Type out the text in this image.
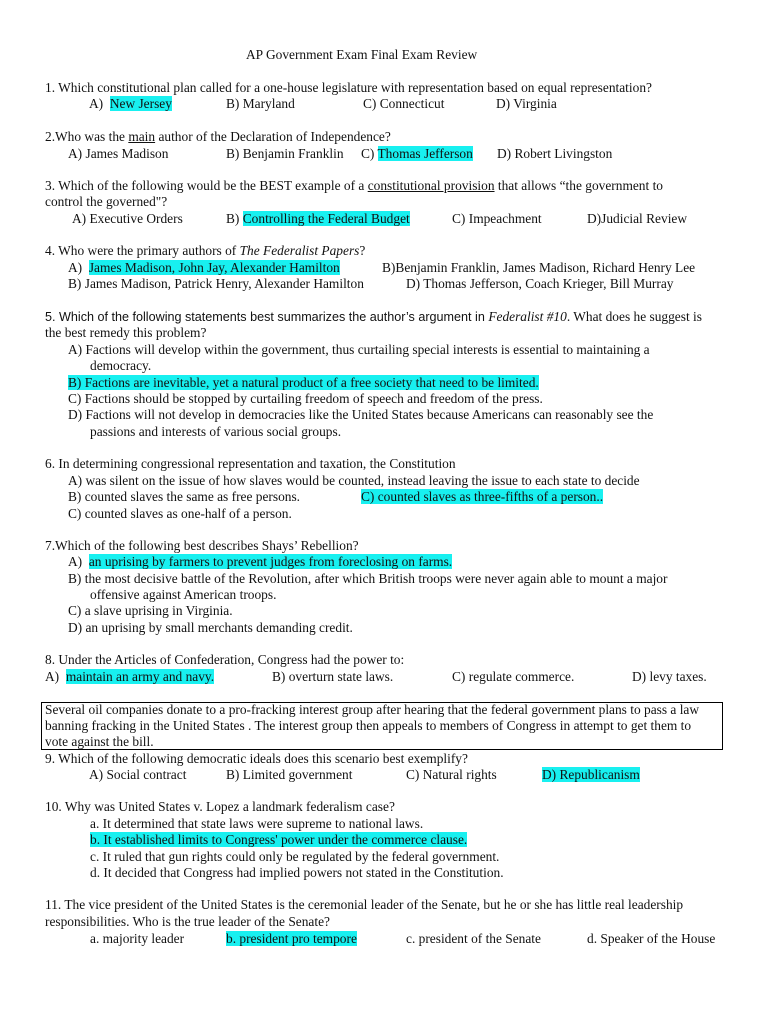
AP Government Exam Final Exam Review
1. Which constitutional plan called for a one-house legislature with representation based on equal representation?
A) New Jersey	B) Maryland	C) Connecticut	D) Virginia
2.Who was the main author of the Declaration of Independence?
A) James Madison	B) Benjamin Franklin C) Thomas Jefferson D) Robert Livingston
3. Which of the following would be the BEST example of a constitutional provision that allows “the government to
control the governed"?
A) Executive Orders	B) Controlling the Federal Budget	C) Impeachment	D)Judicial Review
4. Who were the primary authors of The Federalist Papers?
A) James Madison, John Jay, Alexander Hamilton	B)Benjamin Franklin, James Madison, Richard Henry Lee
B) James Madison, Patrick Henry, Alexander Hamilton	D) Thomas Jefferson, Coach Krieger, Bill Murray
5. Which of the following statements best summarizes the author’s argument in Federalist #10. What does he suggest is
the best remedy this problem?
A) Factions will develop within the government, thus curtailing special interests is essential to maintaining a
democracy.
B) Factions are inevitable, yet a natural product of a free society that need to be limited.
C) Factions should be stopped by curtailing freedom of speech and freedom of the press.
D) Factions will not develop in democracies like the United States because Americans can reasonably see the
passions and interests of various social groups.
6. In determining congressional representation and taxation, the Constitution
A) was silent on the issue of how slaves would be counted, instead leaving the issue to each state to decide
B) counted slaves the same as free persons.	C) counted slaves as three-fifths of a person..
C) counted slaves as one-half of a person.
7.Which of the following best describes Shays’ Rebellion?
A) an uprising by farmers to prevent judges from foreclosing on farms.
B) the most decisive battle of the Revolution, after which British troops were never again able to mount a major
offensive against American troops.
C) a slave uprising in Virginia.
D) an uprising by small merchants demanding credit.
8. Under the Articles of Confederation, Congress had the power to:
A) maintain an army and navy.	B) overturn state laws.	C) regulate commerce.	D) levy taxes.
Several oil companies donate to a pro-fracking interest group after hearing that the federal government plans to pass a law
banning fracking in the United States . The interest group then appeals to members of Congress in attempt to get them to
vote against the bill.
9. Which of the following democratic ideals does this scenario best exemplify?
A) Social contract	B) Limited government	C) Natural rights	D) Republicanism
10. Why was United States v. Lopez a landmark federalism case?
a. It determined that state laws were supreme to national laws.
b. It established limits to Congress' power under the commerce clause.
c. It ruled that gun rights could only be regulated by the federal government.
d. It decided that Congress had implied powers not stated in the Constitution.
11. The vice president of the United States is the ceremonial leader of the Senate, but he or she has little real leadership
responsibilities. Who is the true leader of the Senate?
a. majority leader	b. president pro tempore	c. president of the Senate	d. Speaker of the House
